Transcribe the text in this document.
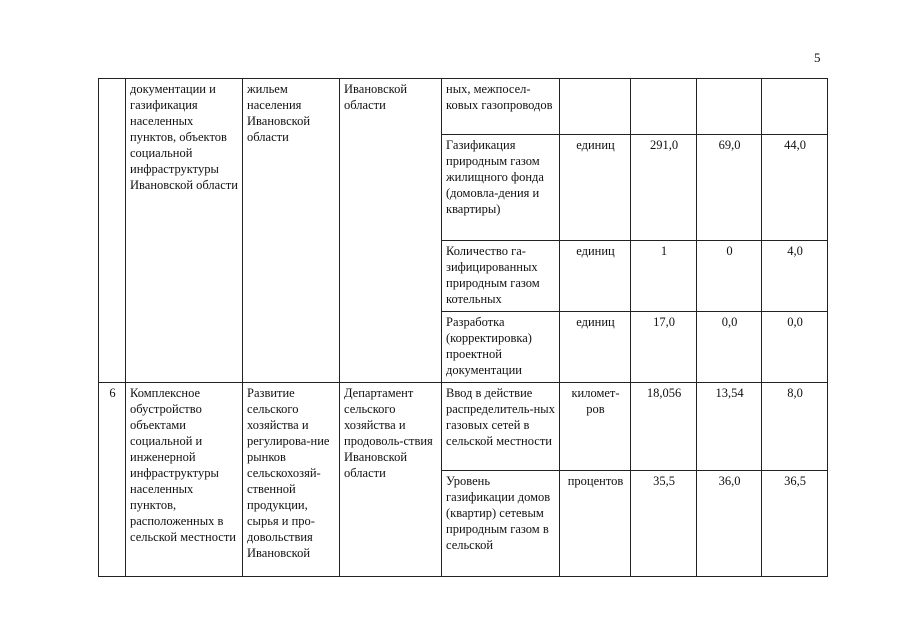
5
	документации и газификация населенных пунктов, объектов социальной инфраструктуры Ивановской области	жильем населения Ивановской области	Ивановской области	ных, межпосел-ковых газопроводов				
				Газификация природным газом жилищного фонда (домовла-дения и квартиры)	единиц	291,0	69,0	44,0
				Количество га-зифицированных природным газом котельных	единиц	1	0	4,0
				Разработка (корректировка) проектной документации	единиц	17,0	0,0	0,0
6	Комплексное обустройство объектами социальной и инженерной инфраструктуры населенных пунктов, расположенных в сельской местности	Развитие сельского хозяйства и регулирова-ние рынков сельскохозяй-ственной продукции, сырья и про-довольствия Ивановской	Департамент сельского хозяйства и продоволь-ствия Ивановской области	Ввод в действие распределитель-ных газовых сетей в сельской местности	километ-ров	18,056	13,54	8,0
				Уровень газификации домов (квартир) сетевым природным газом в сельской	процентов	35,5	36,0	36,5
